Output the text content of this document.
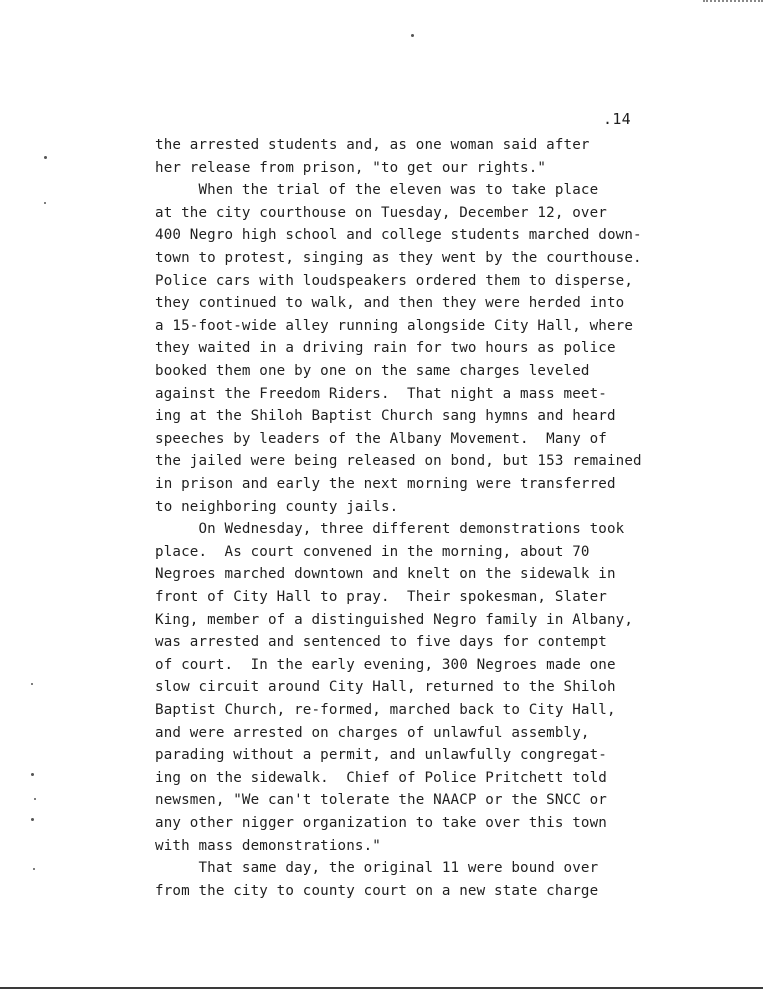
.14
the arrested students and, as one woman said after
her release from prison, "to get our rights."
When the trial of the eleven was to take place
at the city courthouse on Tuesday, December 12, over
400 Negro high school and college students marched down-
town to protest, singing as they went by the courthouse.
Police cars with loudspeakers ordered them to disperse,
they continued to walk, and then they were herded into
a 15-foot-wide alley running alongside City Hall, where
they waited in a driving rain for two hours as police
booked them one by one on the same charges leveled
against the Freedom Riders.  That night a mass meet-
ing at the Shiloh Baptist Church sang hymns and heard
speeches by leaders of the Albany Movement.  Many of
the jailed were being released on bond, but 153 remained
in prison and early the next morning were transferred
to neighboring county jails.
On Wednesday, three different demonstrations took
place.  As court convened in the morning, about 70
Negroes marched downtown and knelt on the sidewalk in
front of City Hall to pray.  Their spokesman, Slater
King, member of a distinguished Negro family in Albany,
was arrested and sentenced to five days for contempt
of court.  In the early evening, 300 Negroes made one
slow circuit around City Hall, returned to the Shiloh
Baptist Church, re-formed, marched back to City Hall,
and were arrested on charges of unlawful assembly,
parading without a permit, and unlawfully congregat-
ing on the sidewalk.  Chief of Police Pritchett told
newsmen, "We can't tolerate the NAACP or the SNCC or
any other nigger organization to take over this town
with mass demonstrations."
That same day, the original 11 were bound over
from the city to county court on a new state charge
